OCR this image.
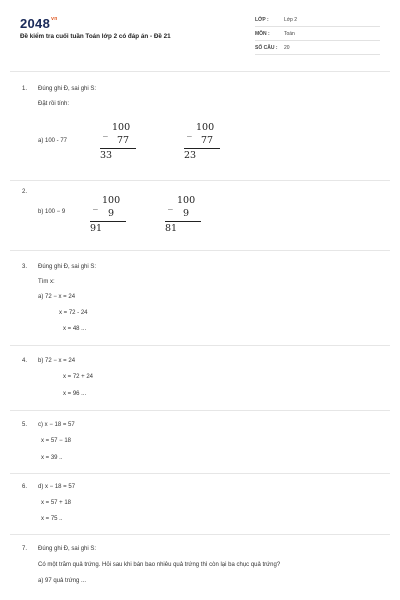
$2048^{vn}$
Đề kiểm tra cuối tuần Toán lớp 2 có đáp án - Đề 21
LỚP :	Lớp 2
MÔN :	Toán
SỐ CÂU : 20
1. Đúng ghi Đ, sai ghi S:
Đặt rồi tính:
a) 100 - 77
_ 100
77
33
_ 100
77
23
2.
b) 100 − 9
_ 100
9
91
_ 100
9
81
3. Đúng ghi Đ, sai ghi S:
Tìm x:
a) 72 − x = 24
x = 72 - 24
x = 48 ...
4. b) 72 − x = 24
x = 72 + 24
x = 96 ...
5. c) x − 18 = 57
x = 57 − 18
x = 39 ..
6. d) x − 18 = 57
x = 57 + 18
x = 75 ..
7. Đúng ghi Đ, sai ghi S:
Có một trăm quả trứng. Hỏi sau khi bán bao nhiêu quả trứng thì còn lại ba chục quả trứng?
a) 97 quả trứng ...
